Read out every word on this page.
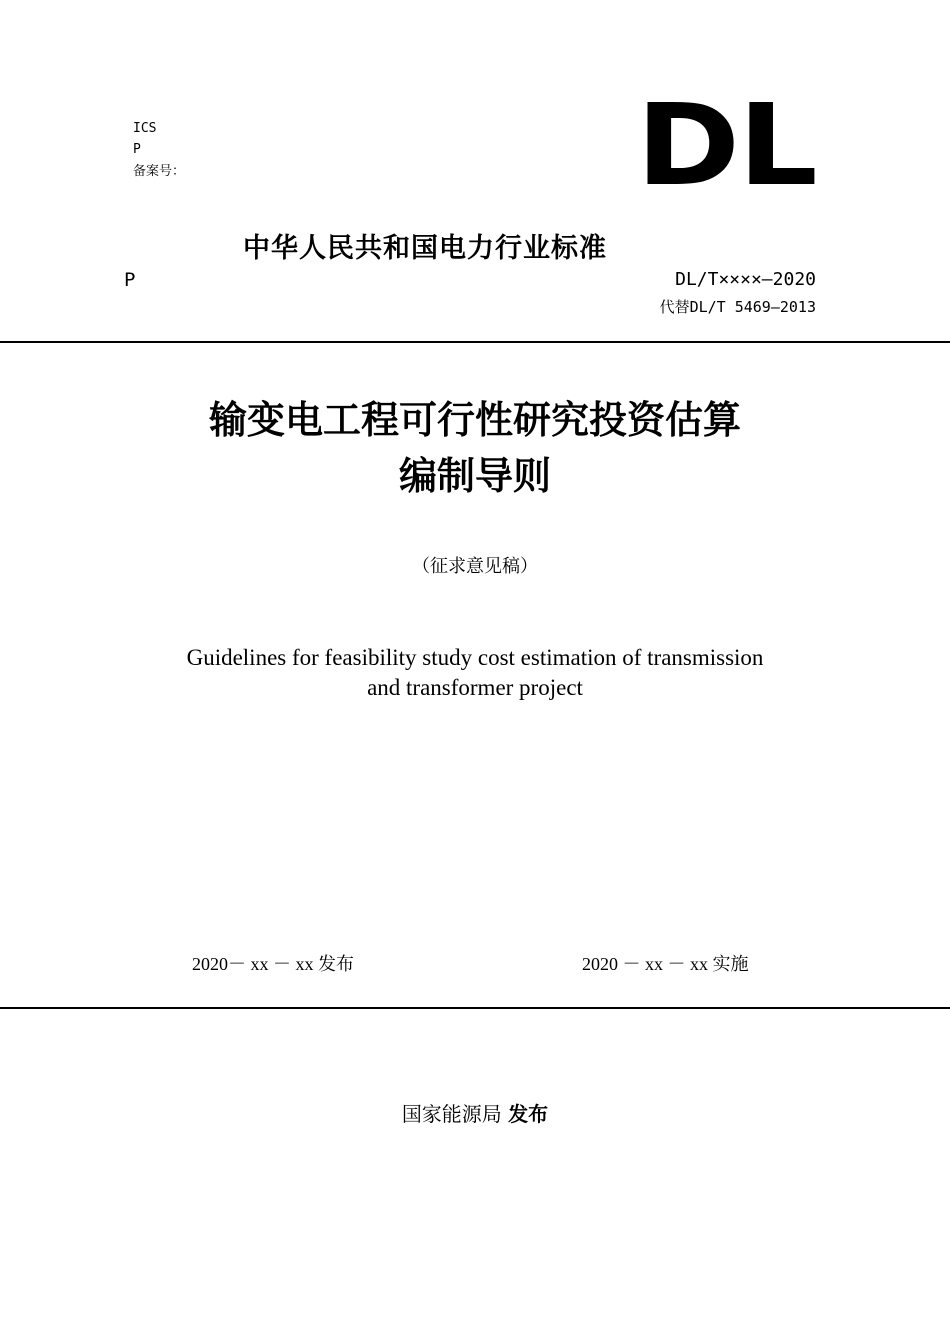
ICS
P
备案号：	DL
中华人民共和国电力行业标准
P	DL/T××××—2020
代替DL/T 5469—2013
输变电工程可行性研究投资估算
编制导则
（征求意见稿）
Guidelines for feasibility study cost estimation of transmission
and transformer project
2020－ xx － xx 发布	2020 － xx － xx 实施
国家能源局 发布
